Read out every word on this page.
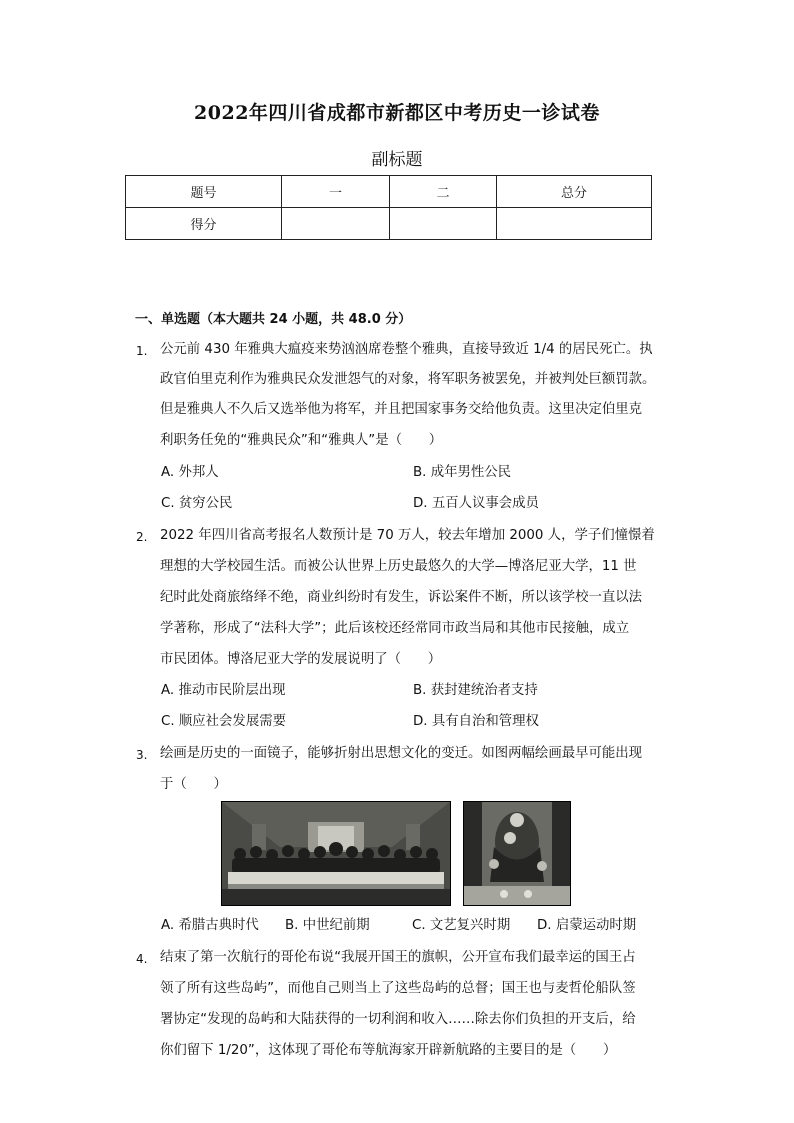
2022年四川省成都市新都区中考历史一诊试卷
副标题
题号	一	二	总分
得分			
一、单选题（本大题共 24 小题，共 48.0 分）
1. 公元前 430 年雅典大瘟疫来势汹汹席卷整个雅典，直接导致近 1/4 的居民死亡。执
政官伯里克利作为雅典民众发泄怨气的对象，将军职务被罢免，并被判处巨额罚款。
但是雅典人不久后又选举他为将军，并且把国家事务交给他负责。这里决定伯里克
利职务任免的“雅典民众”和“雅典人”是（　　）
A. 外邦人	B. 成年男性公民
C. 贫穷公民	D. 五百人议事会成员
2. 2022 年四川省高考报名人数预计是 70 万人，较去年增加 2000 人，学子们憧憬着
理想的大学校园生活。而被公认世界上历史最悠久的大学—博洛尼亚大学，11 世
纪时此处商旅络绎不绝，商业纠纷时有发生，诉讼案件不断，所以该学校一直以法
学著称，形成了“法科大学”；此后该校还经常同市政当局和其他市民接触，成立
市民团体。博洛尼亚大学的发展说明了（　　）
A. 推动市民阶层出现	B. 获封建统治者支持
C. 顺应社会发展需要	D. 具有自治和管理权
3. 绘画是历史的一面镜子，能够折射出思想文化的变迁。如图两幅绘画最早可能出现
于（　　）
A. 希腊古典时代 B. 中世纪前期	C. 文艺复兴时期 D. 启蒙运动时期
4. 结束了第一次航行的哥伦布说“我展开国王的旗帜，公开宣布我们最幸运的国王占
领了所有这些岛屿”，而他自己则当上了这些岛屿的总督；国王也与麦哲伦船队签
署协定“发现的岛屿和大陆获得的一切利润和收入……除去你们负担的开支后，给
你们留下 1/20”，这体现了哥伦布等航海家开辟新航路的主要目的是（　　）
